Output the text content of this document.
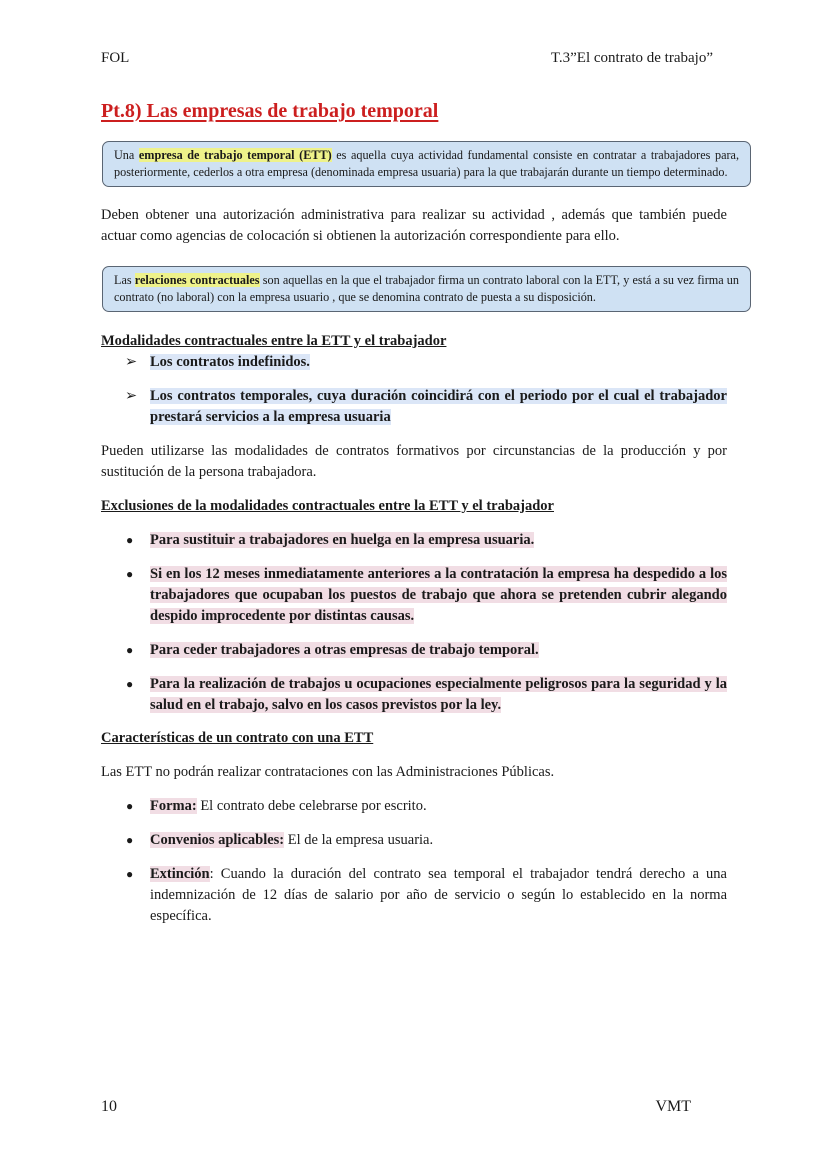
FOL	T.3”El contrato de trabajo”
Pt.8) Las empresas de trabajo temporal
Una empresa de trabajo temporal (ETT) es aquella cuya actividad fundamental consiste en contratar a trabajadores para, posteriormente, cederlos a otra empresa (denominada empresa usuaria) para la que trabajarán durante un tiempo determinado.

Deben obtener una autorización administrativa para realizar su actividad , además que también puede actuar como agencias de colocación si obtienen la autorización correspondiente para ello.

Las relaciones contractuales son aquellas en la que el trabajador firma un contrato laboral con la ETT, y está a su vez firma un contrato (no laboral) con la empresa usuario , que se denomina contrato de puesta a su disposición.
Modalidades contractuales entre la ETT y el trabajador
➢ Los contratos indefinidos.
➢ Los contratos temporales, cuya duración coincidirá con el periodo por el cual el trabajador prestará servicios a la empresa usuaria

Pueden utilizarse las modalidades de contratos formativos por circunstancias de la producción y por sustitución de la persona trabajadora.

Exclusiones de la modalidades contractuales entre la ETT y el trabajador
● Para sustituir a trabajadores en huelga en la empresa usuaria.
● Si en los 12 meses inmediatamente anteriores a la contratación la empresa ha despedido a los trabajadores que ocupaban los puestos de trabajo que ahora se pretenden cubrir alegando despido improcedente por distintas causas.
● Para ceder trabajadores a otras empresas de trabajo temporal.
● Para la realización de trabajos u ocupaciones especialmente peligrosos para la seguridad y la salud en el trabajo, salvo en los casos previstos por la ley.
Características de un contrato con una ETT

Las ETT no podrán realizar contrataciones con las Administraciones Públicas.

● Forma: El contrato debe celebrarse por escrito.
● Convenios aplicables: El de la empresa usuaria.
● Extinción: Cuando la duración del contrato sea temporal el trabajador tendrá derecho a una indemnización de 12 días de salario por año de servicio o según lo establecido en la norma específica.
10	VMT
